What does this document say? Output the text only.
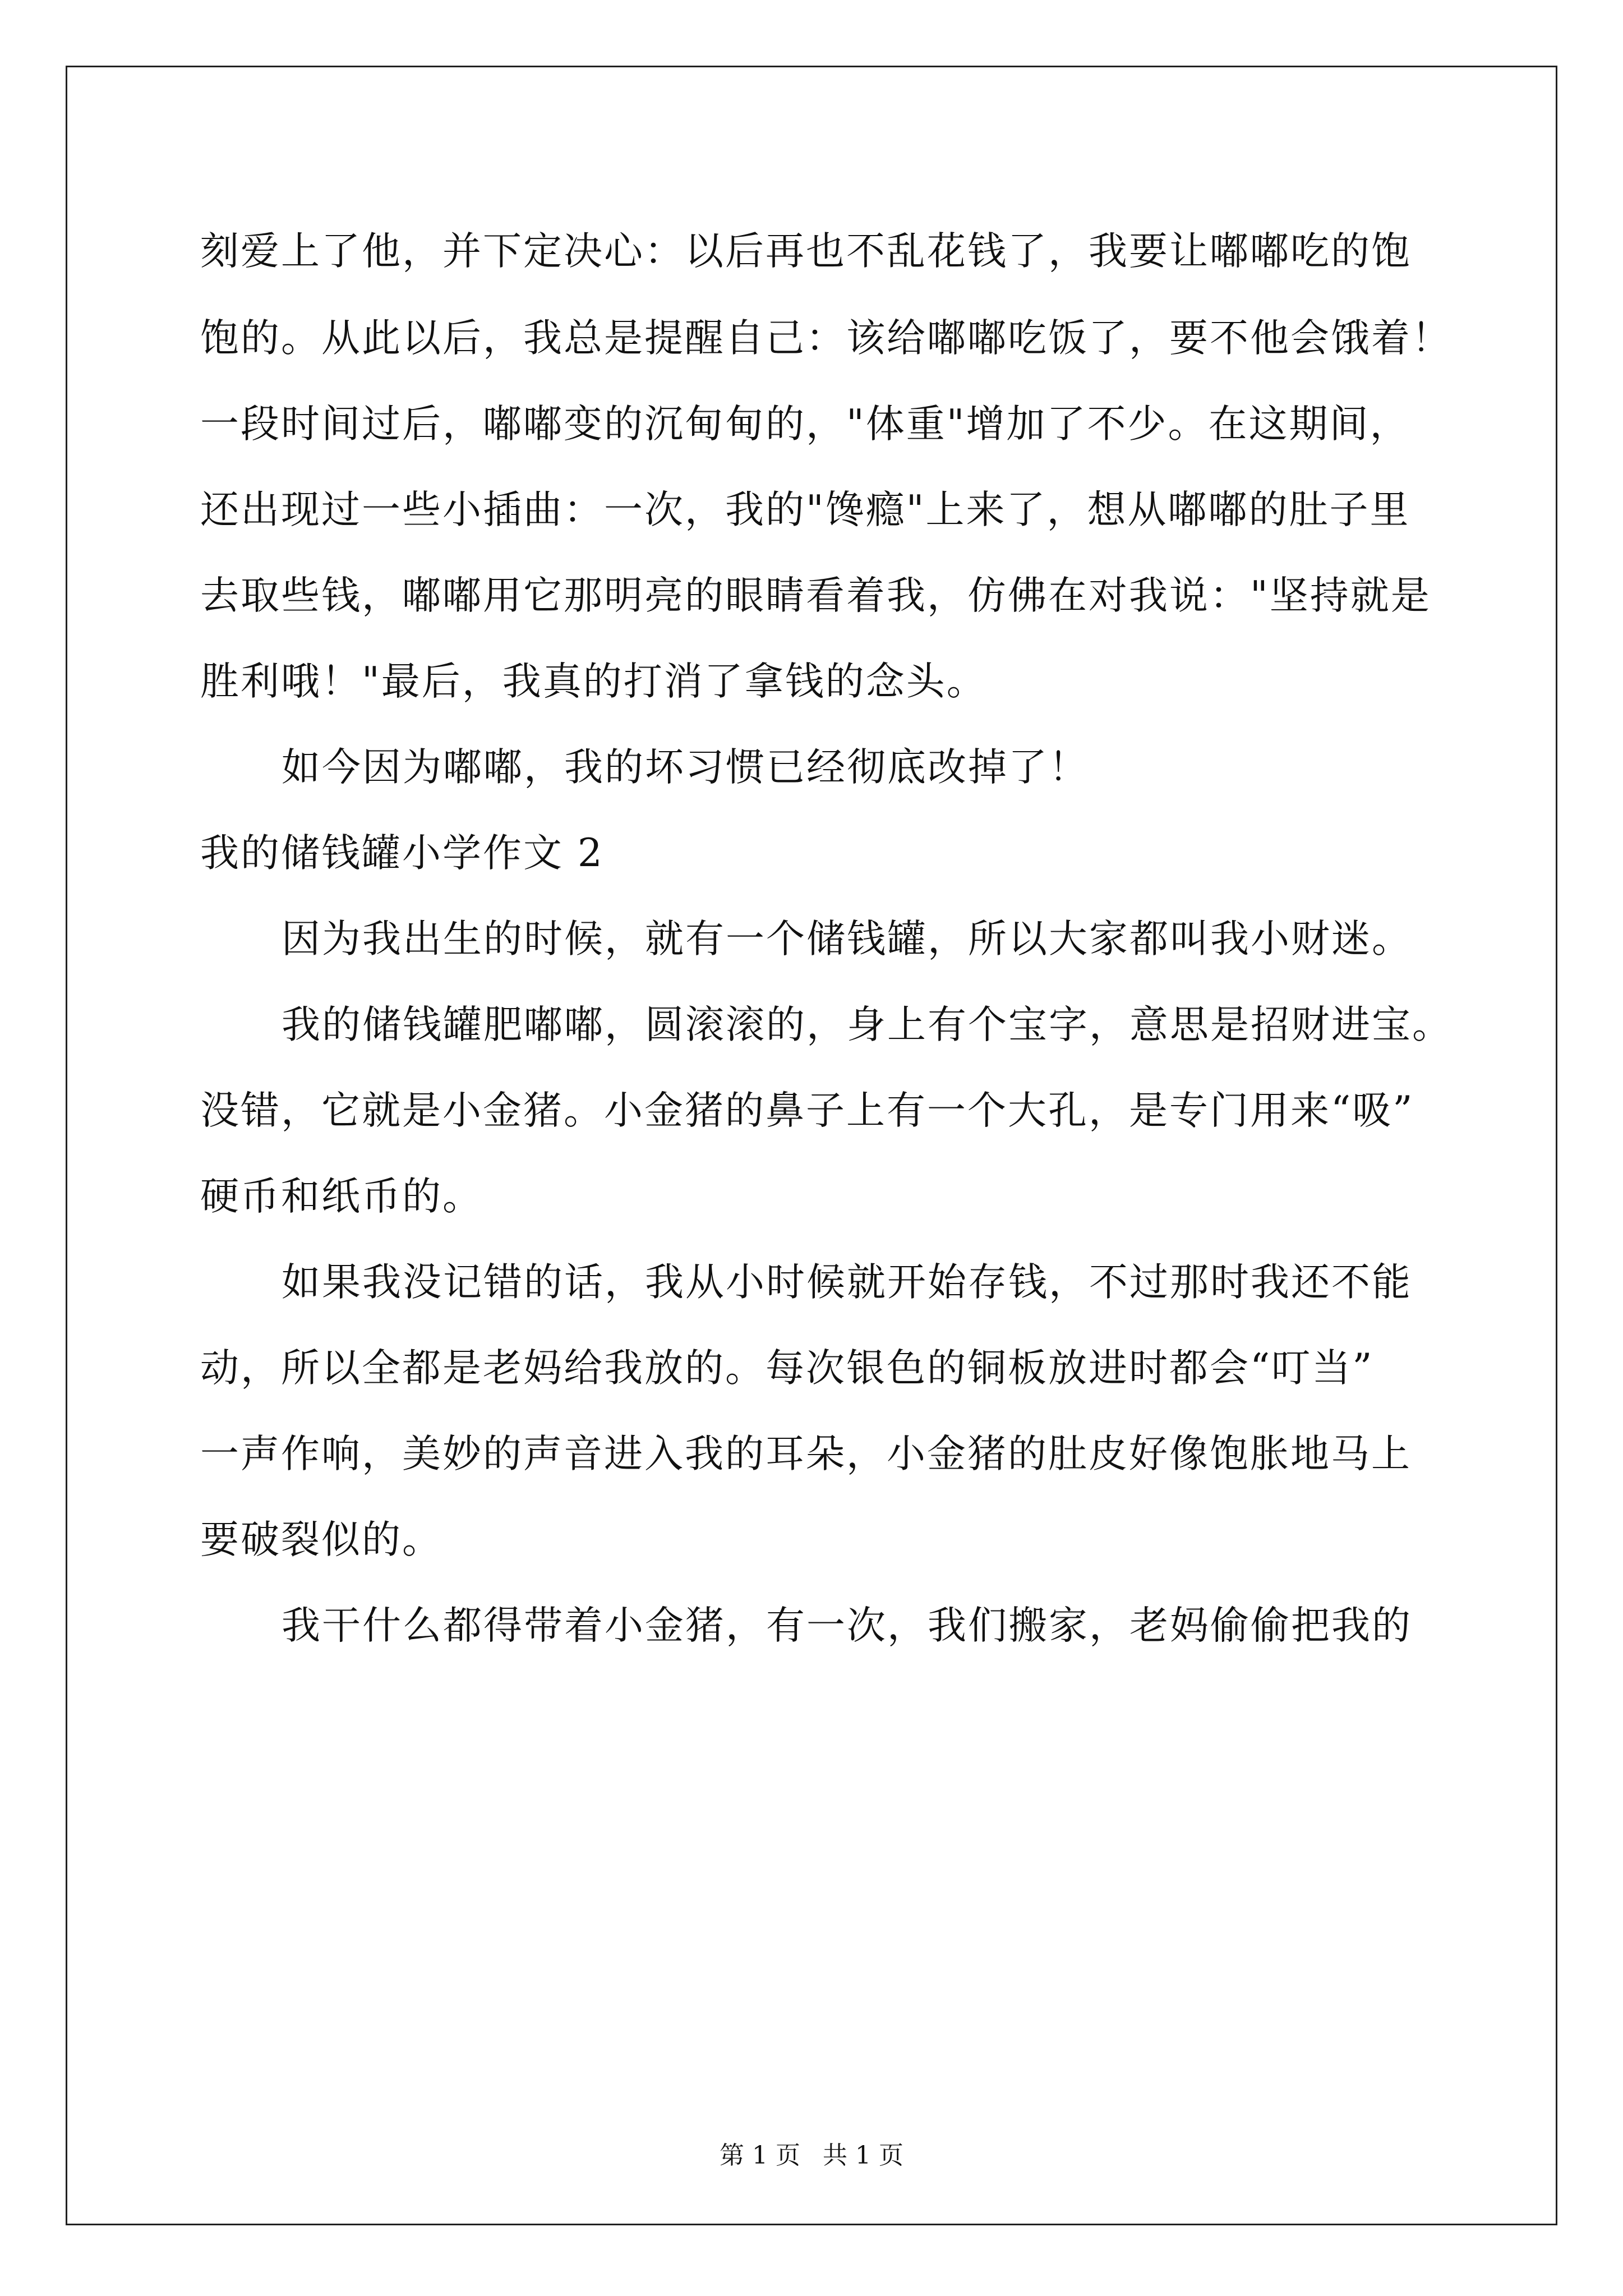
刻爱上了他，并下定决心：以后再也不乱花钱了，我要让嘟嘟吃的饱
饱的。从此以后，我总是提醒自己：该给嘟嘟吃饭了，要不他会饿着！
一段时间过后，嘟嘟变的沉甸甸的，"体重"增加了不少。在这期间，
还出现过一些小插曲：一次，我的"馋瘾"上来了，想从嘟嘟的肚子里
去取些钱，嘟嘟用它那明亮的眼睛看着我，仿佛在对我说："坚持就是
胜利哦！"最后，我真的打消了拿钱的念头。
如今因为嘟嘟，我的坏习惯已经彻底改掉了！
我的储钱罐小学作文 2
因为我出生的时候，就有一个储钱罐，所以大家都叫我小财迷。
我的储钱罐肥嘟嘟，圆滚滚的，身上有个宝字，意思是招财进宝。
没错，它就是小金猪。小金猪的鼻子上有一个大孔，是专门用来“吸”
硬币和纸币的。
如果我没记错的话，我从小时候就开始存钱，不过那时我还不能
动，所以全都是老妈给我放的。每次银色的铜板放进时都会“叮当”
一声作响，美妙的声音进入我的耳朵，小金猪的肚皮好像饱胀地马上
要破裂似的。
我干什么都得带着小金猪，有一次，我们搬家，老妈偷偷把我的
第 1 页 共 1 页
